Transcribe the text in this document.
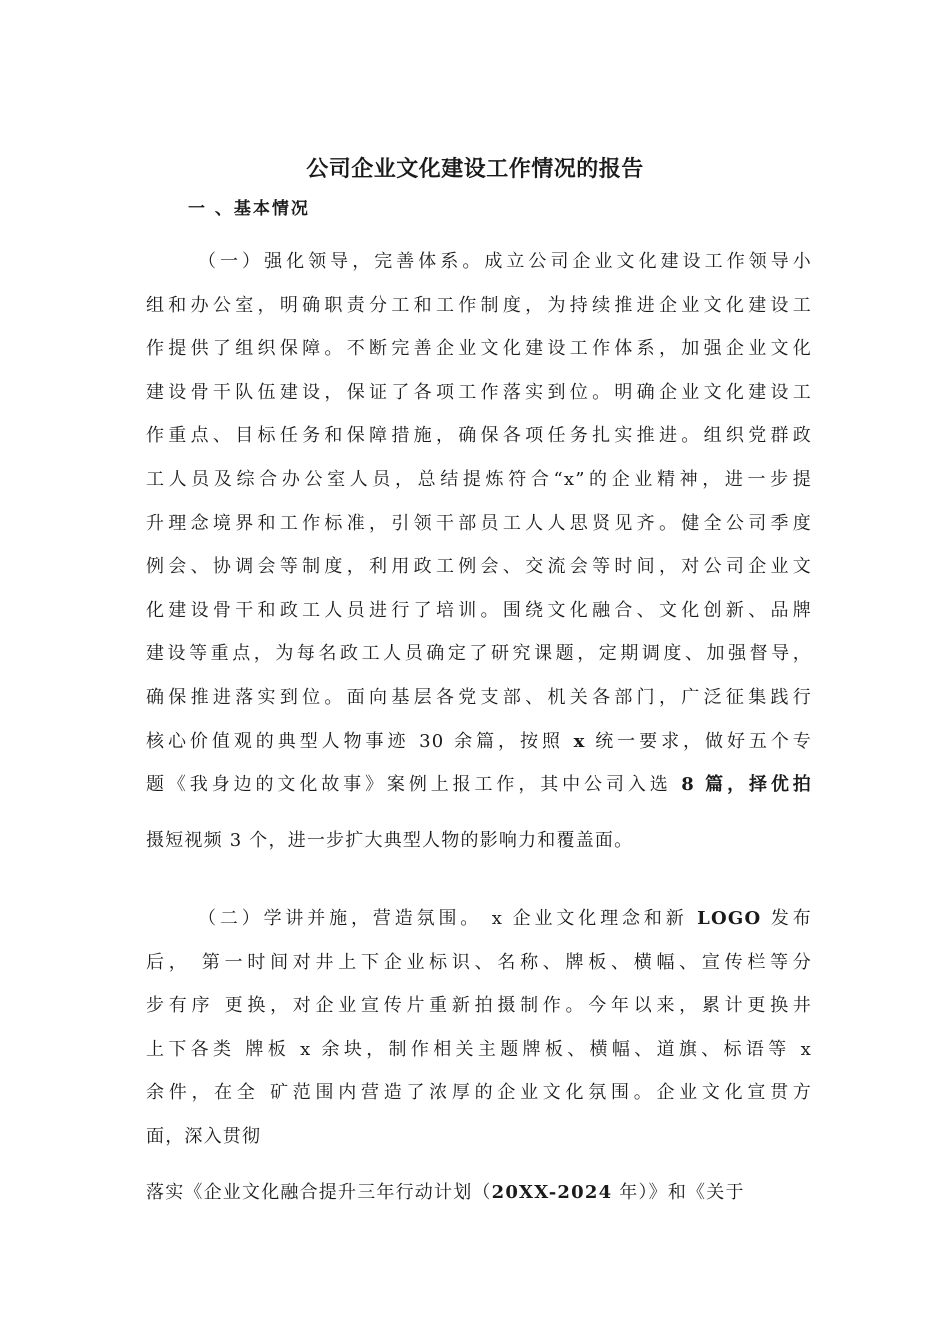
公司企业文化建设工作情况的报告
一 、基本情况
（一）强化领导，完善体系。成立公司企业文化建设工作领导小
组和办公室，明确职责分工和工作制度，为持续推进企业文化建设工
作提供了组织保障。不断完善企业文化建设工作体系，加强企业文化
建设骨干队伍建设，保证了各项工作落实到位。明确企业文化建设工
作重点、目标任务和保障措施，确保各项任务扎实推进。组织党群政
工人员及综合办公室人员，总结提炼符合“x”的企业精神，进一步提
升理念境界和工作标准，引领干部员工人人思贤见齐。健全公司季度
例会、协调会等制度，利用政工例会、交流会等时间，对公司企业文
化建设骨干和政工人员进行了培训。围绕文化融合、文化创新、品牌
建设等重点，为每名政工人员确定了研究课题，定期调度、加强督导，
确保推进落实到位。面向基层各党支部、机关各部门，广泛征集践行
核心价值观的典型人物事迹 30 余篇，按照 x 统一要求，做好五个专
题《我身边的文化故事》案例上报工作，其中公司入选 8 篇，择优拍
摄短视频 3 个，进一步扩大典型人物的影响力和覆盖面。
（二）学讲并施，营造氛围。 x 企业文化理念和新 LOGO 发布
后， 第一时间对井上下企业标识、名称、牌板、横幅、宣传栏等分
步有序 更换，对企业宣传片重新拍摄制作。今年以来，累计更换井
上下各类 牌板 x 余块，制作相关主题牌板、横幅、道旗、标语等 x
余件，在全 矿范围内营造了浓厚的企业文化氛围。企业文化宣贯方
面，深入贯彻
落实《企业文化融合提升三年行动计划（20XX-2024 年）》和《关于
